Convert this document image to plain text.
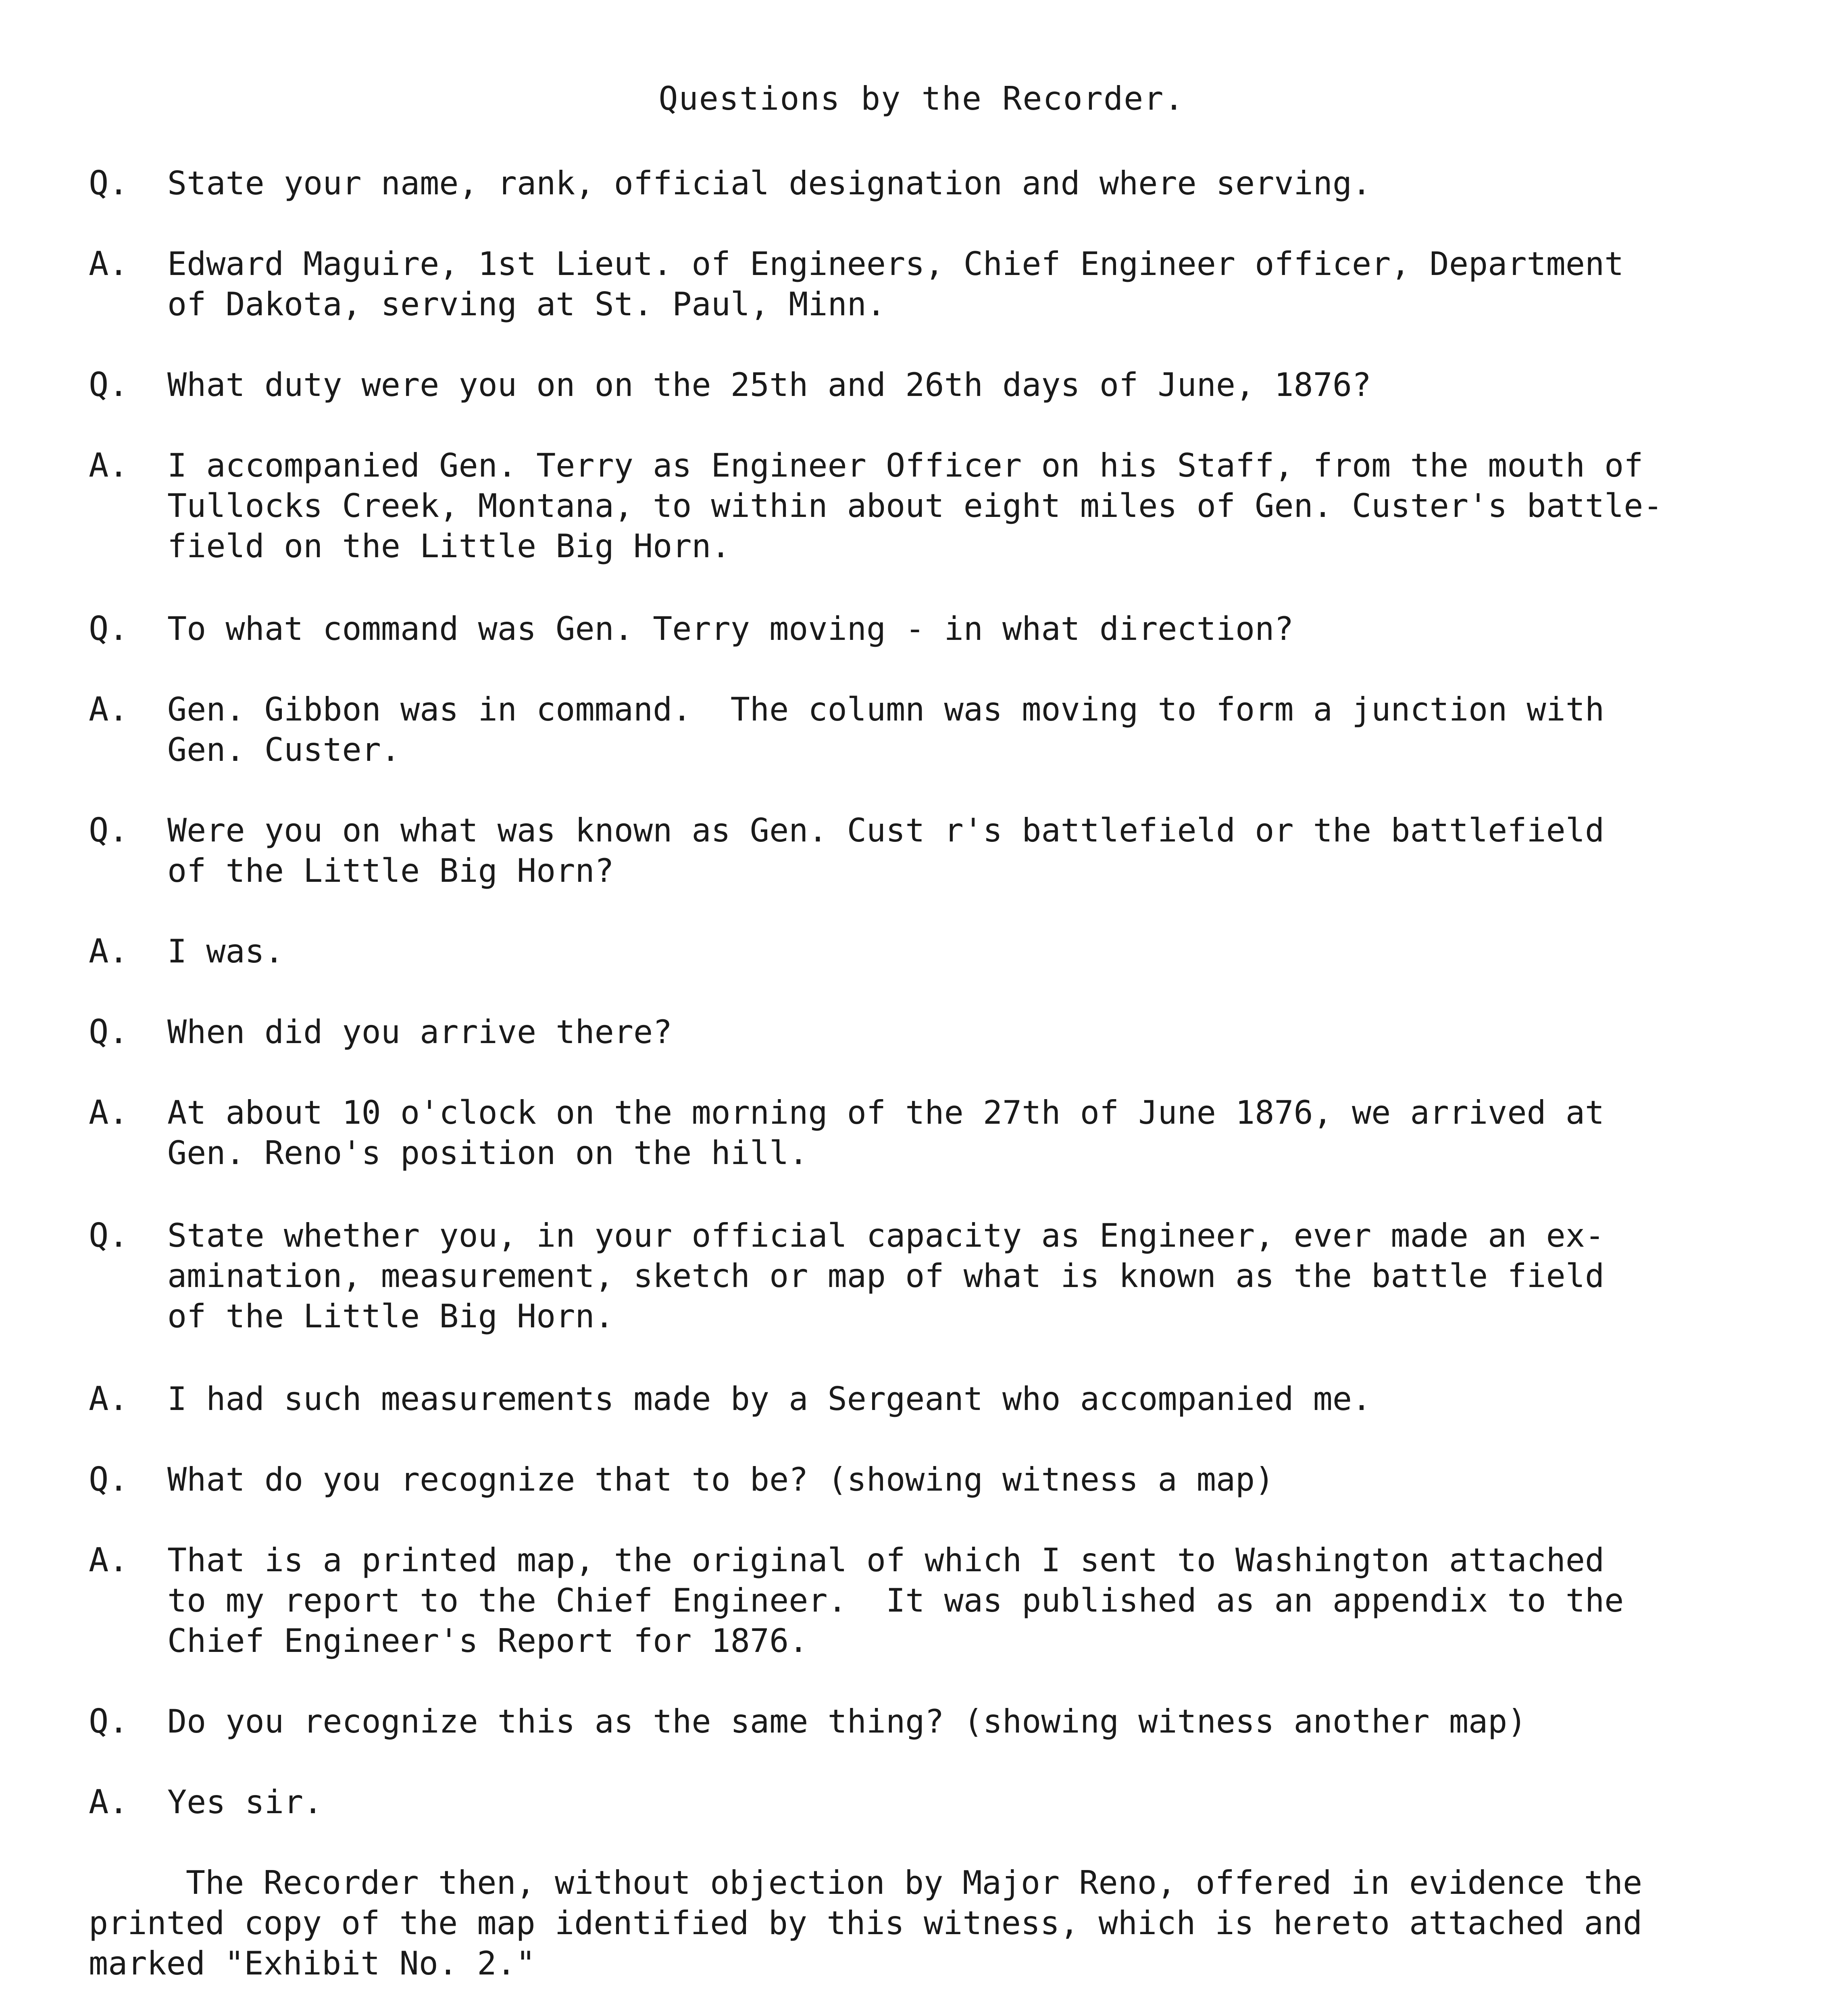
Questions by the Recorder.
Q. State your name, rank, official designation and where serving.
A. Edward Maguire, 1st Lieut. of Engineers, Chief Engineer officer, Department
of Dakota, serving at St. Paul, Minn.
Q. What duty were you on on the 25th and 26th days of June, 1876?
A. I accompanied Gen. Terry as Engineer Officer on his Staff, from the mouth of
Tullocks Creek, Montana, to within about eight miles of Gen. Custer's battle-
field on the Little Big Horn.
Q. To what command was Gen. Terry moving - in what direction?
A. Gen. Gibbon was in command.  The column was moving to form a junction with
Gen. Custer.
Q. Were you on what was known as Gen. Cust r's battlefield or the battlefield
of the Little Big Horn?
A. I was.
Q. When did you arrive there?
A. At about 10 o'clock on the morning of the 27th of June 1876, we arrived at
Gen. Reno's position on the hill.
Q. State whether you, in your official capacity as Engineer, ever made an ex-
amination, measurement, sketch or map of what is known as the battle field
of the Little Big Horn.
A. I had such measurements made by a Sergeant who accompanied me.
Q. What do you recognize that to be? (showing witness a map)
A. That is a printed map, the original of which I sent to Washington attached
to my report to the Chief Engineer.  It was published as an appendix to the
Chief Engineer's Report for 1876.
Q. Do you recognize this as the same thing? (showing witness another map)
A. Yes sir.
The Recorder then, without objection by Major Reno, offered in evidence the
printed copy of the map identified by this witness, which is hereto attached and
marked "Exhibit No. 2."
